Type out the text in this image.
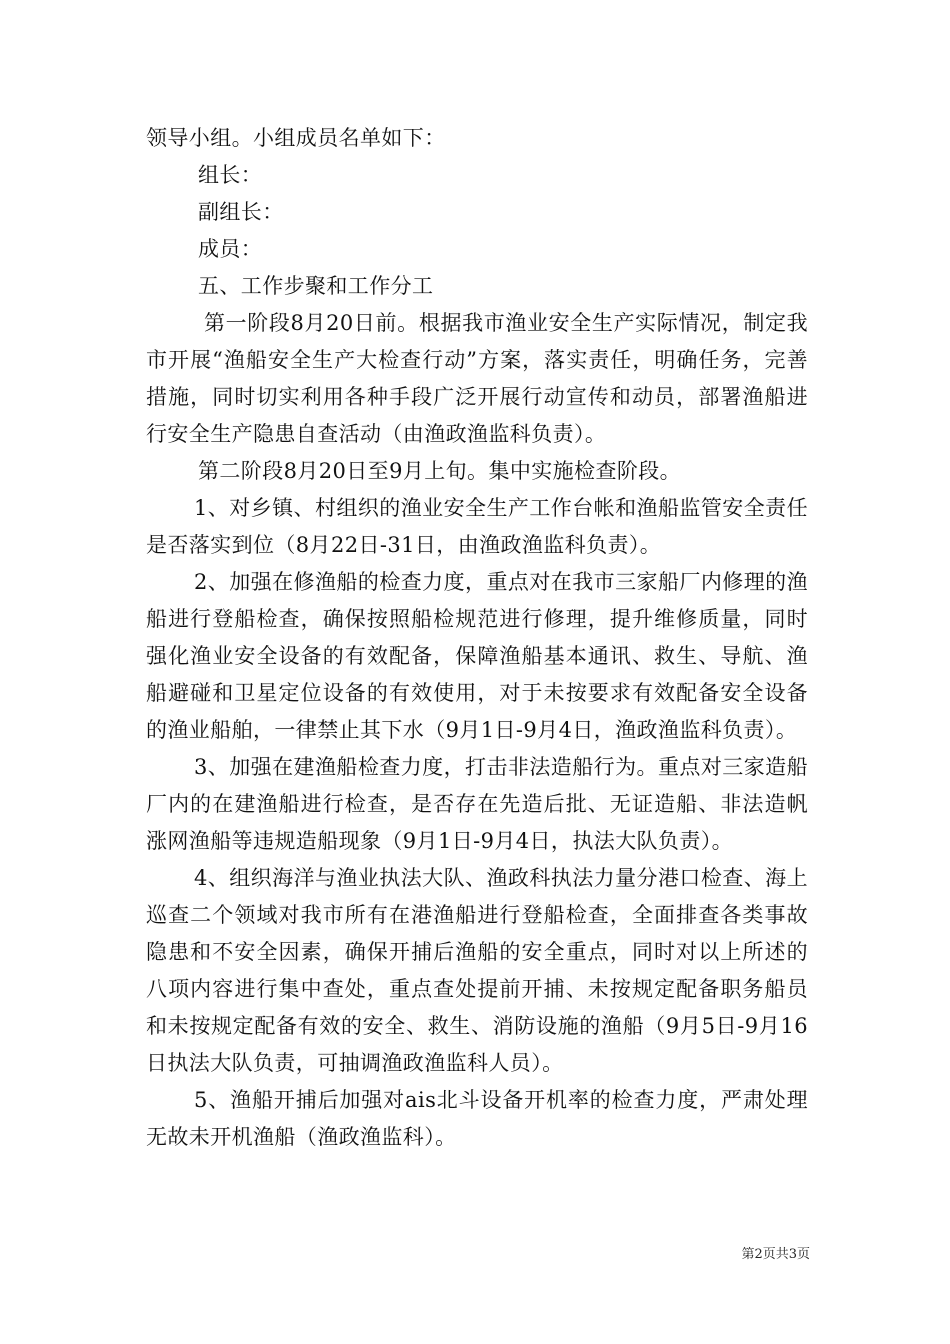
领导小组。小组成员名单如下：

组长：

副组长：

成员：

五、工作步聚和工作分工

第一阶段8月20日前。根据我市渔业安全生产实际情况，制定我市开展“渔船安全生产大检查行动”方案，落实责任，明确任务，完善措施，同时切实利用各种手段广泛开展行动宣传和动员，部署渔船进行安全生产隐患自查活动（由渔政渔监科负责）。

第二阶段8月20日至9月上旬。集中实施检查阶段。

1、对乡镇、村组织的渔业安全生产工作台帐和渔船监管安全责任是否落实到位（8月22日-31日，由渔政渔监科负责）。

2、加强在修渔船的检查力度，重点对在我市三家船厂内修理的渔船进行登船检查，确保按照船检规范进行修理，提升维修质量，同时强化渔业安全设备的有效配备，保障渔船基本通讯、救生、导航、渔船避碰和卫星定位设备的有效使用，对于未按要求有效配备安全设备的渔业船舶，一律禁止其下水（9月1日-9月4日，渔政渔监科负责）。

3、加强在建渔船检查力度，打击非法造船行为。重点对三家造船厂内的在建渔船进行检查，是否存在先造后批、无证造船、非法造帆涨网渔船等违规造船现象（9月1日-9月4日，执法大队负责）。

4、组织海洋与渔业执法大队、渔政科执法力量分港口检查、海上巡查二个领域对我市所有在港渔船进行登船检查，全面排查各类事故隐患和不安全因素，确保开捕后渔船的安全重点，同时对以上所述的八项内容进行集中查处，重点查处提前开捕、未按规定配备职务船员和未按规定配备有效的安全、救生、消防设施的渔船（9月5日-9月16日执法大队负责，可抽调渔政渔监科人员）。

5、渔船开捕后加强对ais北斗设备开机率的检查力度，严肃处理无故未开机渔船（渔政渔监科）。

第2页共3页
